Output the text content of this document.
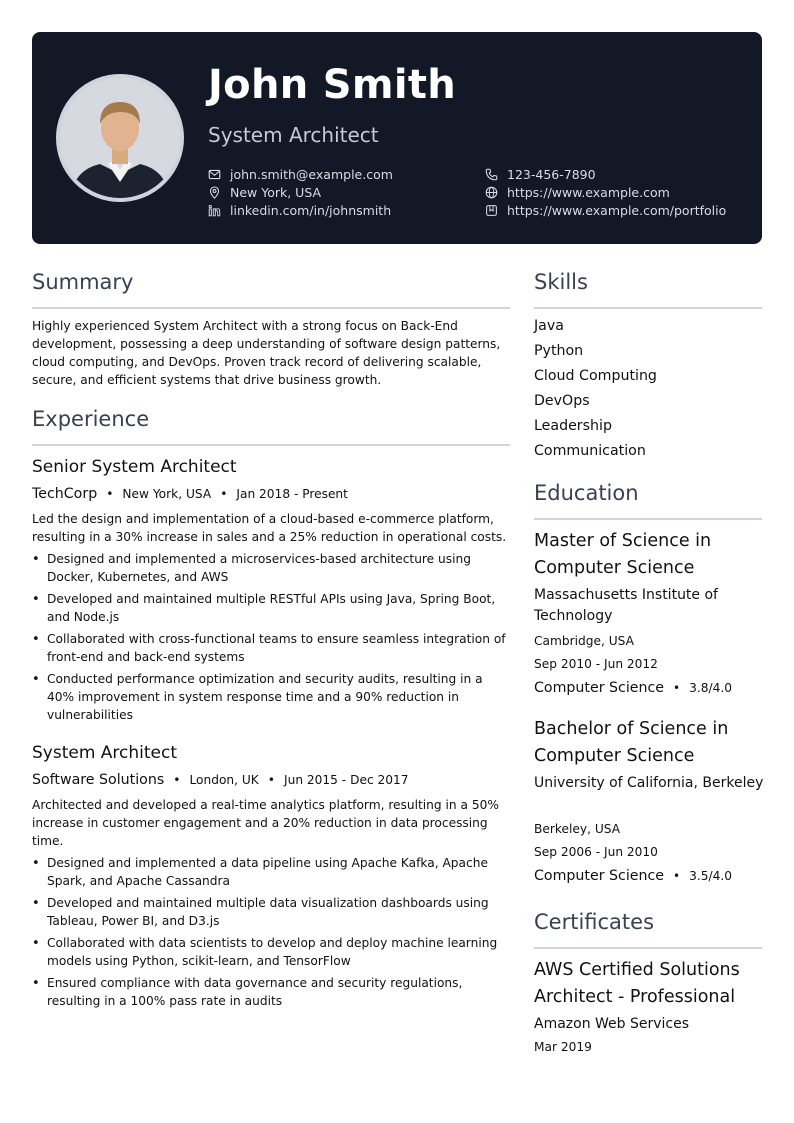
John Smith
System Architect
john.smith@example.com	123-456-7890
New York, USA	https://www.example.com
linkedin.com/in/johnsmith	https://www.example.com/portfolio
Summary
Highly experienced System Architect with a strong focus on Back-End development, possessing a deep understanding of software design patterns, cloud computing, and DevOps. Proven track record of delivering scalable, secure, and efficient systems that drive business growth.
Experience
Senior System Architect
TechCorp • New York, USA • Jan 2018 - Present
Led the design and implementation of a cloud-based e-commerce platform, resulting in a 30% increase in sales and a 25% reduction in operational costs.
• Designed and implemented a microservices-based architecture using Docker, Kubernetes, and AWS
• Developed and maintained multiple RESTful APIs using Java, Spring Boot, and Node.js
• Collaborated with cross-functional teams to ensure seamless integration of front-end and back-end systems
• Conducted performance optimization and security audits, resulting in a 40% improvement in system response time and a 90% reduction in vulnerabilities
System Architect
Software Solutions • London, UK • Jun 2015 - Dec 2017
Architected and developed a real-time analytics platform, resulting in a 50% increase in customer engagement and a 20% reduction in data processing time.
• Designed and implemented a data pipeline using Apache Kafka, Apache Spark, and Apache Cassandra
• Developed and maintained multiple data visualization dashboards using Tableau, Power BI, and D3.js
• Collaborated with data scientists to develop and deploy machine learning models using Python, scikit-learn, and TensorFlow
• Ensured compliance with data governance and security regulations, resulting in a 100% pass rate in audits
Skills
Java
Python
Cloud Computing
DevOps
Leadership
Communication
Education
Master of Science in Computer Science
Massachusetts Institute of Technology
Cambridge, USA
Sep 2010 - Jun 2012
Computer Science • 3.8/4.0
Bachelor of Science in Computer Science
University of California, Berkeley
Berkeley, USA
Sep 2006 - Jun 2010
Computer Science • 3.5/4.0
Certificates
AWS Certified Solutions Architect - Professional
Amazon Web Services
Mar 2019
